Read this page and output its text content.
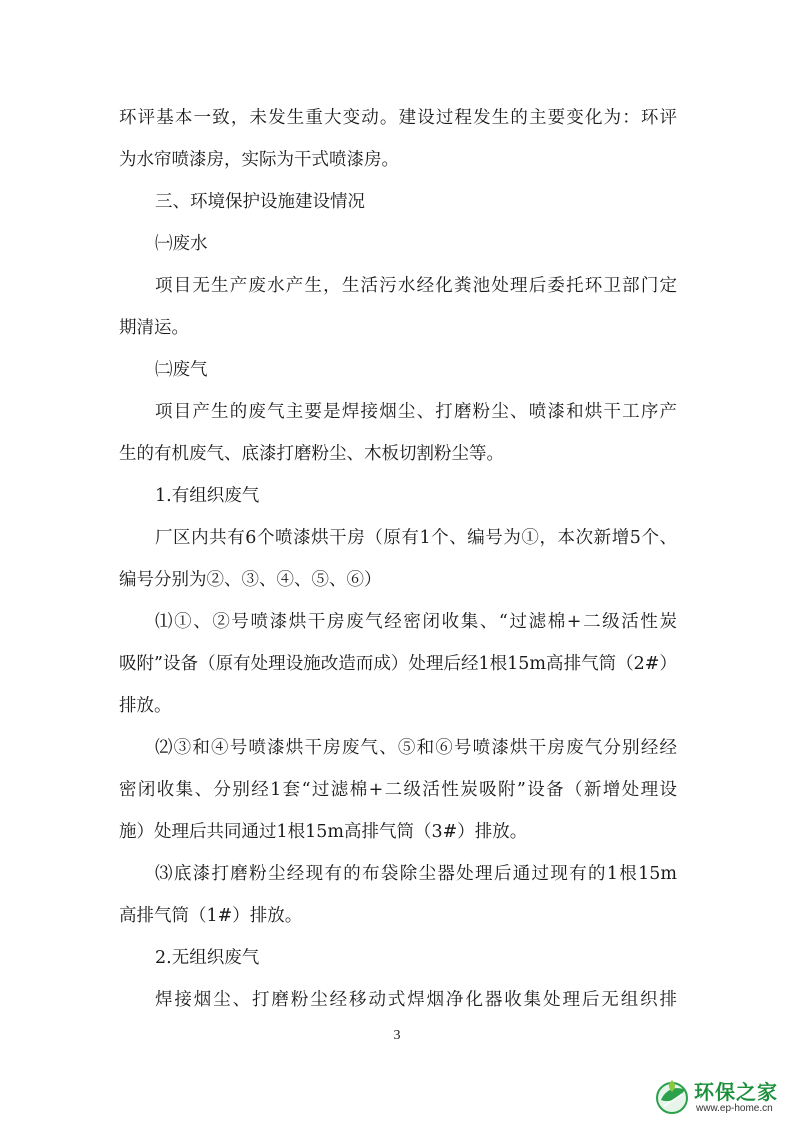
环评基本一致，未发生重大变动。建设过程发生的主要变化为：环评
为水帘喷漆房，实际为干式喷漆房。
三、环境保护设施建设情况
㈠废水
项目无生产废水产生，生活污水经化粪池处理后委托环卫部门定
期清运。
㈡废气
项目产生的废气主要是焊接烟尘、打磨粉尘、喷漆和烘干工序产
生的有机废气、底漆打磨粉尘、木板切割粉尘等。
1.有组织废气
厂区内共有6个喷漆烘干房（原有1个、编号为①，本次新增5个、
编号分别为②、③、④、⑤、⑥）
⑴①、②号喷漆烘干房废气经密闭收集、“过滤棉+二级活性炭
吸附”设备（原有处理设施改造而成）处理后经1根15m高排气筒（2#）
排放。
⑵③和④号喷漆烘干房废气、⑤和⑥号喷漆烘干房废气分别经经
密闭收集、分别经1套“过滤棉+二级活性炭吸附”设备（新增处理设
施）处理后共同通过1根15m高排气筒（3#）排放。
⑶底漆打磨粉尘经现有的布袋除尘器处理后通过现有的1根15m
高排气筒（1#）排放。
2.无组织废气
焊接烟尘、打磨粉尘经移动式焊烟净化器收集处理后无组织排
3
环保之家
www.ep-home.cn
